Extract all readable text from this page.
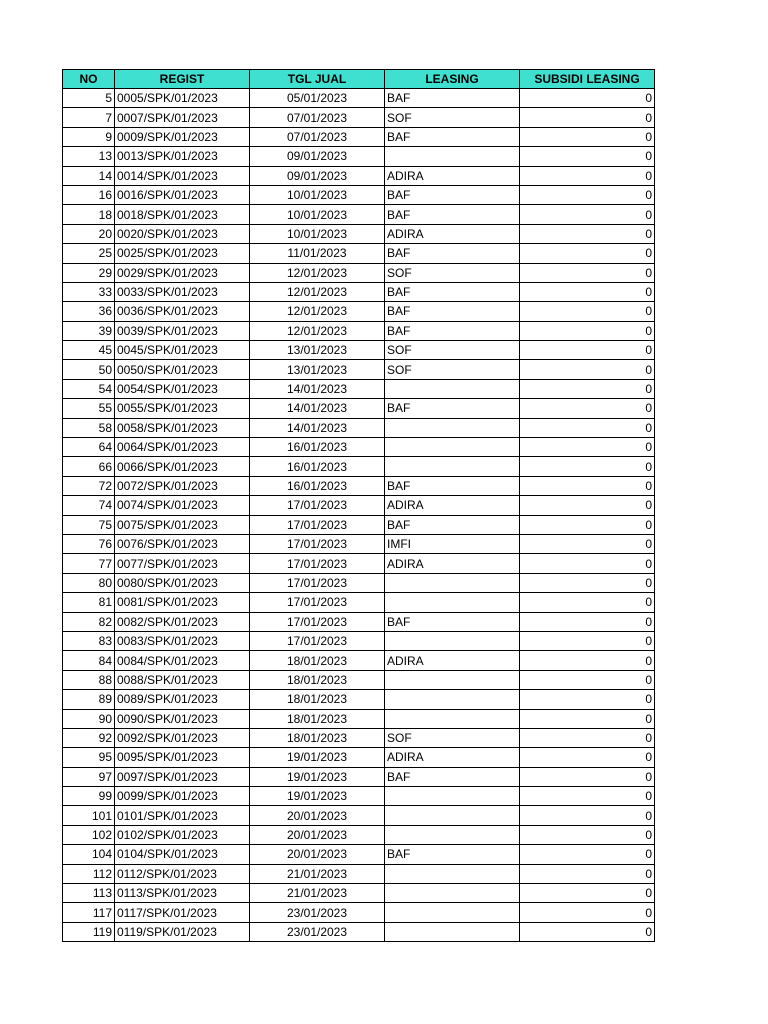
NO	REGIST	TGL JUAL	LEASING	SUBSIDI LEASING
5	0005/SPK/01/2023	05/01/2023	BAF	0
7	0007/SPK/01/2023	07/01/2023	SOF	0
9	0009/SPK/01/2023	07/01/2023	BAF	0
13	0013/SPK/01/2023	09/01/2023		0
14	0014/SPK/01/2023	09/01/2023	ADIRA	0
16	0016/SPK/01/2023	10/01/2023	BAF	0
18	0018/SPK/01/2023	10/01/2023	BAF	0
20	0020/SPK/01/2023	10/01/2023	ADIRA	0
25	0025/SPK/01/2023	11/01/2023	BAF	0
29	0029/SPK/01/2023	12/01/2023	SOF	0
33	0033/SPK/01/2023	12/01/2023	BAF	0
36	0036/SPK/01/2023	12/01/2023	BAF	0
39	0039/SPK/01/2023	12/01/2023	BAF	0
45	0045/SPK/01/2023	13/01/2023	SOF	0
50	0050/SPK/01/2023	13/01/2023	SOF	0
54	0054/SPK/01/2023	14/01/2023		0
55	0055/SPK/01/2023	14/01/2023	BAF	0
58	0058/SPK/01/2023	14/01/2023		0
64	0064/SPK/01/2023	16/01/2023		0
66	0066/SPK/01/2023	16/01/2023		0
72	0072/SPK/01/2023	16/01/2023	BAF	0
74	0074/SPK/01/2023	17/01/2023	ADIRA	0
75	0075/SPK/01/2023	17/01/2023	BAF	0
76	0076/SPK/01/2023	17/01/2023	IMFI	0
77	0077/SPK/01/2023	17/01/2023	ADIRA	0
80	0080/SPK/01/2023	17/01/2023		0
81	0081/SPK/01/2023	17/01/2023		0
82	0082/SPK/01/2023	17/01/2023	BAF	0
83	0083/SPK/01/2023	17/01/2023		0
84	0084/SPK/01/2023	18/01/2023	ADIRA	0
88	0088/SPK/01/2023	18/01/2023		0
89	0089/SPK/01/2023	18/01/2023		0
90	0090/SPK/01/2023	18/01/2023		0
92	0092/SPK/01/2023	18/01/2023	SOF	0
95	0095/SPK/01/2023	19/01/2023	ADIRA	0
97	0097/SPK/01/2023	19/01/2023	BAF	0
99	0099/SPK/01/2023	19/01/2023		0
101	0101/SPK/01/2023	20/01/2023		0
102	0102/SPK/01/2023	20/01/2023		0
104	0104/SPK/01/2023	20/01/2023	BAF	0
112	0112/SPK/01/2023	21/01/2023		0
113	0113/SPK/01/2023	21/01/2023		0
117	0117/SPK/01/2023	23/01/2023		0
119	0119/SPK/01/2023	23/01/2023		0
